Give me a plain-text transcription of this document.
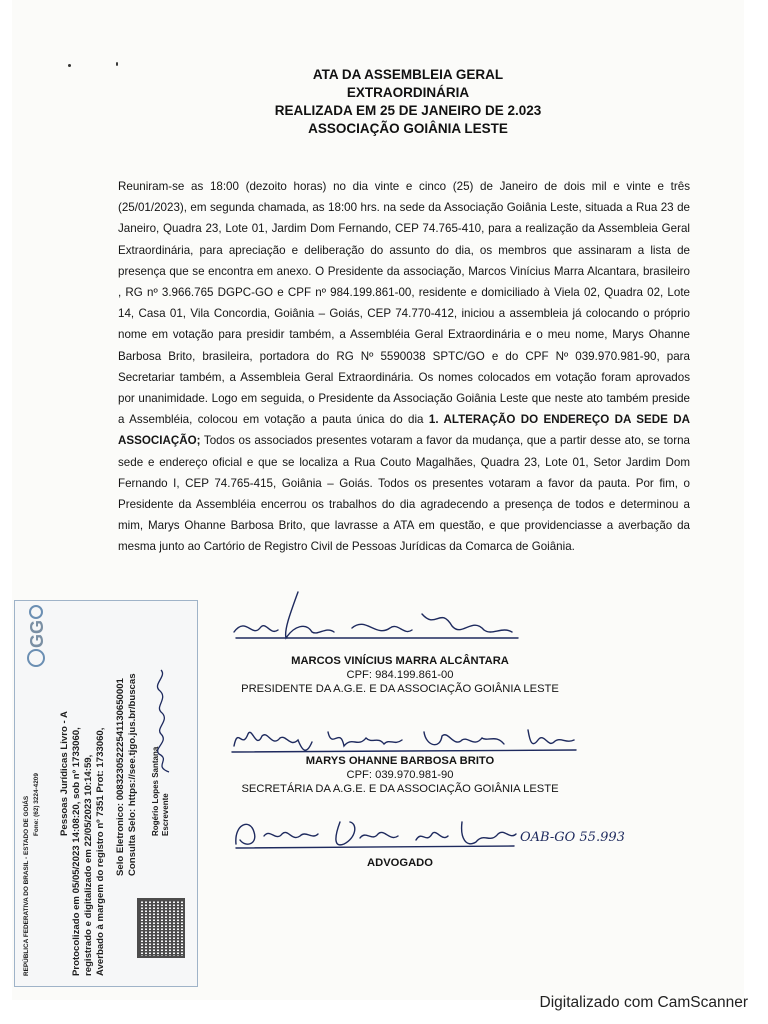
ATA DA ASSEMBLEIA GERAL
EXTRAORDINÁRIA
REALIZADA EM 25 DE JANEIRO DE 2.023
ASSOCIAÇÃO GOIÂNIA LESTE
Reuniram-se as 18:00 (dezoito horas) no dia vinte e cinco (25) de Janeiro de dois mil e vinte e três (25/01/2023), em segunda chamada, as 18:00 hrs. na sede da Associação Goiânia Leste, situada a Rua 23 de Janeiro, Quadra 23, Lote 01, Jardim Dom Fernando, CEP 74.765-410, para a realização da Assembleia Geral Extraordinária, para apreciação e deliberação do assunto do dia, os membros que assinaram a lista de presença que se encontra em anexo. O Presidente da associação, Marcos Vinícius Marra Alcantara, brasileiro , RG nº 3.966.765 DGPC-GO e CPF nº 984.199.861-00, residente e domiciliado à Viela 02, Quadra 02, Lote 14, Casa 01, Vila Concordia, Goiânia – Goiás, CEP 74.770-412, iniciou a assembleia já colocando o próprio nome em votação para presidir também, a Assembléia Geral Extraordinária e o meu nome, Marys Ohanne Barbosa Brito, brasileira, portadora do RG Nº 5590038 SPTC/GO e do CPF Nº 039.970.981-90, para Secretariar também, a Assembleia Geral Extraordinária. Os nomes colocados em votação foram aprovados por unanimidade. Logo em seguida, o Presidente da Associação Goiânia Leste que neste ato também preside a Assembléia, colocou em votação a pauta única do dia 1. ALTERAÇÃO DO ENDEREÇO DA SEDE DA ASSOCIAÇÃO; Todos os associados presentes votaram a favor da mudança, que a partir desse ato, se torna sede e endereço oficial e que se localiza a Rua Couto Magalhães, Quadra 23, Lote 01, Setor Jardim Dom Fernando I, CEP 74.765-415, Goiânia – Goiás. Todos os presentes votaram a favor da pauta. Por fim, o Presidente da Assembléia encerrou os trabalhos do dia agradecendo a presença de todos e determinou a mim, Marys Ohanne Barbosa Brito, que lavrasse a ATA em questão, e que providenciasse a averbação da mesma junto ao Cartório de Registro Civil de Pessoas Jurídicas da Comarca de Goiânia.
MARCOS VINÍCIUS MARRA ALCÂNTARA
CPF: 984.199.861-00
PRESIDENTE DA A.G.E. E DA ASSOCIAÇÃO GOIÂNIA LESTE
MARYS OHANNE BARBOSA BRITO
CPF: 039.970.981-90
SECRETÁRIA DA A.G.E. E DA ASSOCIAÇÃO GOIÂNIA LESTE
OAB-GO 55.993
ADVOGADO
GG
REPÚBLICA FEDERATIVA DO BRASIL - ESTADO DE GOIÁS Fone: (62) 3224-4209 Pessoas Jurídicas Livro - A Protocolizado em 05/05/2023 14:08:20, sob nº 1733060, registrado e digitalizado em 22/05/2023 10:14:59, Averbado à margem do registro nº 7351 Prot: 1733060, Selo Eletronico: 00832305222541130650001 Consulta Selo: https://see.tjgo.jus.br/buscas Rogério Lopes Santana Escrevente
Digitalizado com CamScanner
